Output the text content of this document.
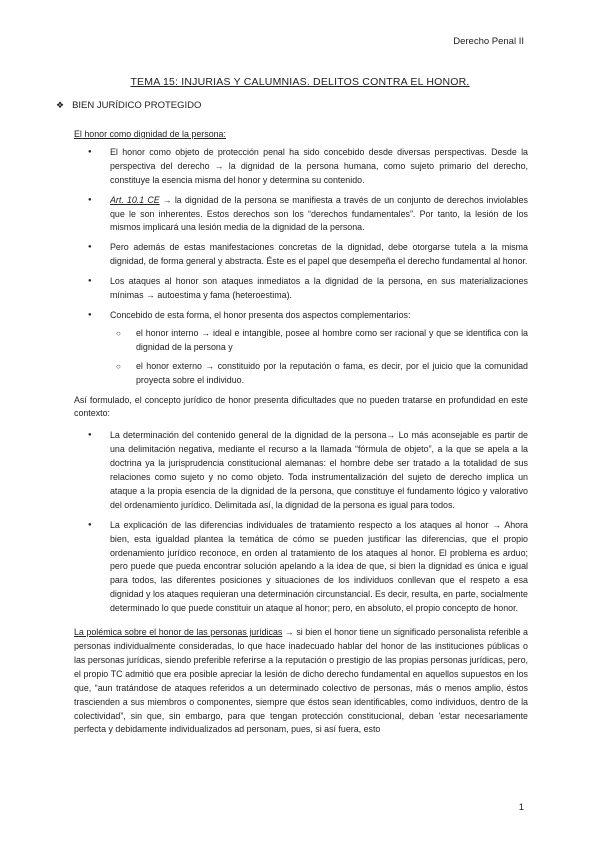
Derecho Penal II
TEMA 15: INJURIAS Y CALUMNIAS. DELITOS CONTRA EL HONOR.
❖ BIEN JURÍDICO PROTEGIDO

El honor como dignidad de la persona:

● El honor como objeto de protección penal ha sido concebido desde diversas perspectivas. Desde la perspectiva del derecho → la dignidad de la persona humana, como sujeto primario del derecho, constituye la esencia misma del honor y determina su contenido.
● Art. 10.1 CE → la dignidad de la persona se manifiesta a través de un conjunto de derechos inviolables que le son inherentes. Estos derechos son los “derechos fundamentales”. Por tanto, la lesión de los mismos implicará una lesión media de la dignidad de la persona.
● Pero además de estas manifestaciones concretas de la dignidad, debe otorgarse tutela a la misma dignidad, de forma general y abstracta. Éste es el papel que desempeña el derecho fundamental al honor.
● Los ataques al honor son ataques inmediatos a la dignidad de la persona, en sus materializaciones mínimas → autoestima y fama (heteroestima).
● Concebido de esta forma, el honor presenta dos aspectos complementarios:
○ el honor interno → ideal e intangible, posee al hombre como ser racional y que se identifica con la dignidad de la persona y
○ el honor externo → constituido por la reputación o fama, es decir, por el juicio que la comunidad proyecta sobre el individuo.

Así formulado, el concepto jurídico de honor presenta dificultades que no pueden tratarse en profundidad en este contexto:

● La determinación del contenido general de la dignidad de la persona→ Lo más aconsejable es partir de una delimitación negativa, mediante el recurso a la llamada “fórmula de objeto”, a la que se apela a la doctrina ya la jurisprudencia constitucional alemanas: el hombre debe ser tratado a la totalidad de sus relaciones como sujeto y no como objeto. Toda instrumentalización del sujeto de derecho implica un ataque a la propia esencia de la dignidad de la persona, que constituye el fundamento lógico y valorativo del ordenamiento jurídico. Delimitada así, la dignidad de la persona es igual para todos.
● La explicación de las diferencias individuales de tratamiento respecto a los ataques al honor → Ahora bien, esta igualdad plantea la temática de cómo se pueden justificar las diferencias, que el propio ordenamiento jurídico reconoce, en orden al tratamiento de los ataques al honor. El problema es arduo; pero puede que pueda encontrar solución apelando a la idea de que, si bien la dignidad es única e igual para todos, las diferentes posiciones y situaciones de los individuos conllevan que el respeto a esa dignidad y los ataques requieran una determinación circunstancial. Es decir, resulta, en parte, socialmente determinado lo que puede constituir un ataque al honor; pero, en absoluto, el propio concepto de honor.

La polémica sobre el honor de las personas jurídicas → si bien el honor tiene un significado personalista referible a personas individualmente consideradas, lo que hace inadecuado hablar del honor de las instituciones públicas o las personas jurídicas, siendo preferible referirse a la reputación o prestigio de las propias personas jurídicas, pero, el propio TC admitió que era posible apreciar la lesión de dicho derecho fundamental en aquellos supuestos en los que, “aun tratándose de ataques referidos a un determinado colectivo de personas, más o menos amplio, éstos trascienden a sus miembros o componentes, siempre que éstos sean identificables, como individuos, dentro de la colectividad”, sin que, sin embargo, para que tengan protección constitucional, deban 'estar necesariamente perfecta y debidamente individualizados ad personam, pues, si así fuera, esto

1
